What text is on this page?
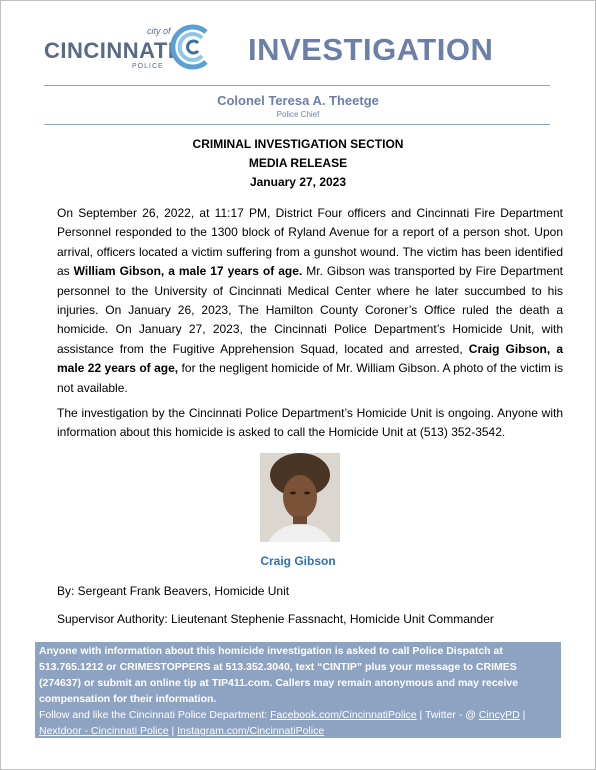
city of
CINCINNATI
POLICE	INVESTIGATION
Colonel Teresa A. Theetge
Police Chief
CRIMINAL INVESTIGATION SECTION
MEDIA RELEASE
January 27, 2023
On September 26, 2022, at 11:17 PM, District Four officers and Cincinnati Fire Department Personnel responded to the 1300 block of Ryland Avenue for a report of a person shot. Upon arrival, officers located a victim suffering from a gunshot wound. The victim has been identified as William Gibson, a male 17 years of age. Mr. Gibson was transported by Fire Department personnel to the University of Cincinnati Medical Center where he later succumbed to his injuries. On January 26, 2023, The Hamilton County Coroner’s Office ruled the death a homicide. On January 27, 2023, the Cincinnati Police Department’s Homicide Unit, with assistance from the Fugitive Apprehension Squad, located and arrested, Craig Gibson, a male 22 years of age, for the negligent homicide of Mr. William Gibson. A photo of the victim is not available.
The investigation by the Cincinnati Police Department’s Homicide Unit is ongoing. Anyone with information about this homicide is asked to call the Homicide Unit at (513) 352-3542.
Craig Gibson
By: Sergeant Frank Beavers, Homicide Unit
Supervisor Authority: Lieutenant Stephenie Fassnacht, Homicide Unit Commander
Anyone with information about this homicide investigation is asked to call Police Dispatch at 513.765.1212 or CRIMESTOPPERS at 513.352.3040, text “CINTIP” plus your message to CRIMES (274637) or submit an online tip at TIP411.com. Callers may remain anonymous and may receive compensation for their information.
Follow and like the Cincinnati Police Department: Facebook.com/CincinnatiPolice | Twitter - @ CincyPD | Nextdoor - Cincinnati Police | Instagram.com/CincinnatiPolice
